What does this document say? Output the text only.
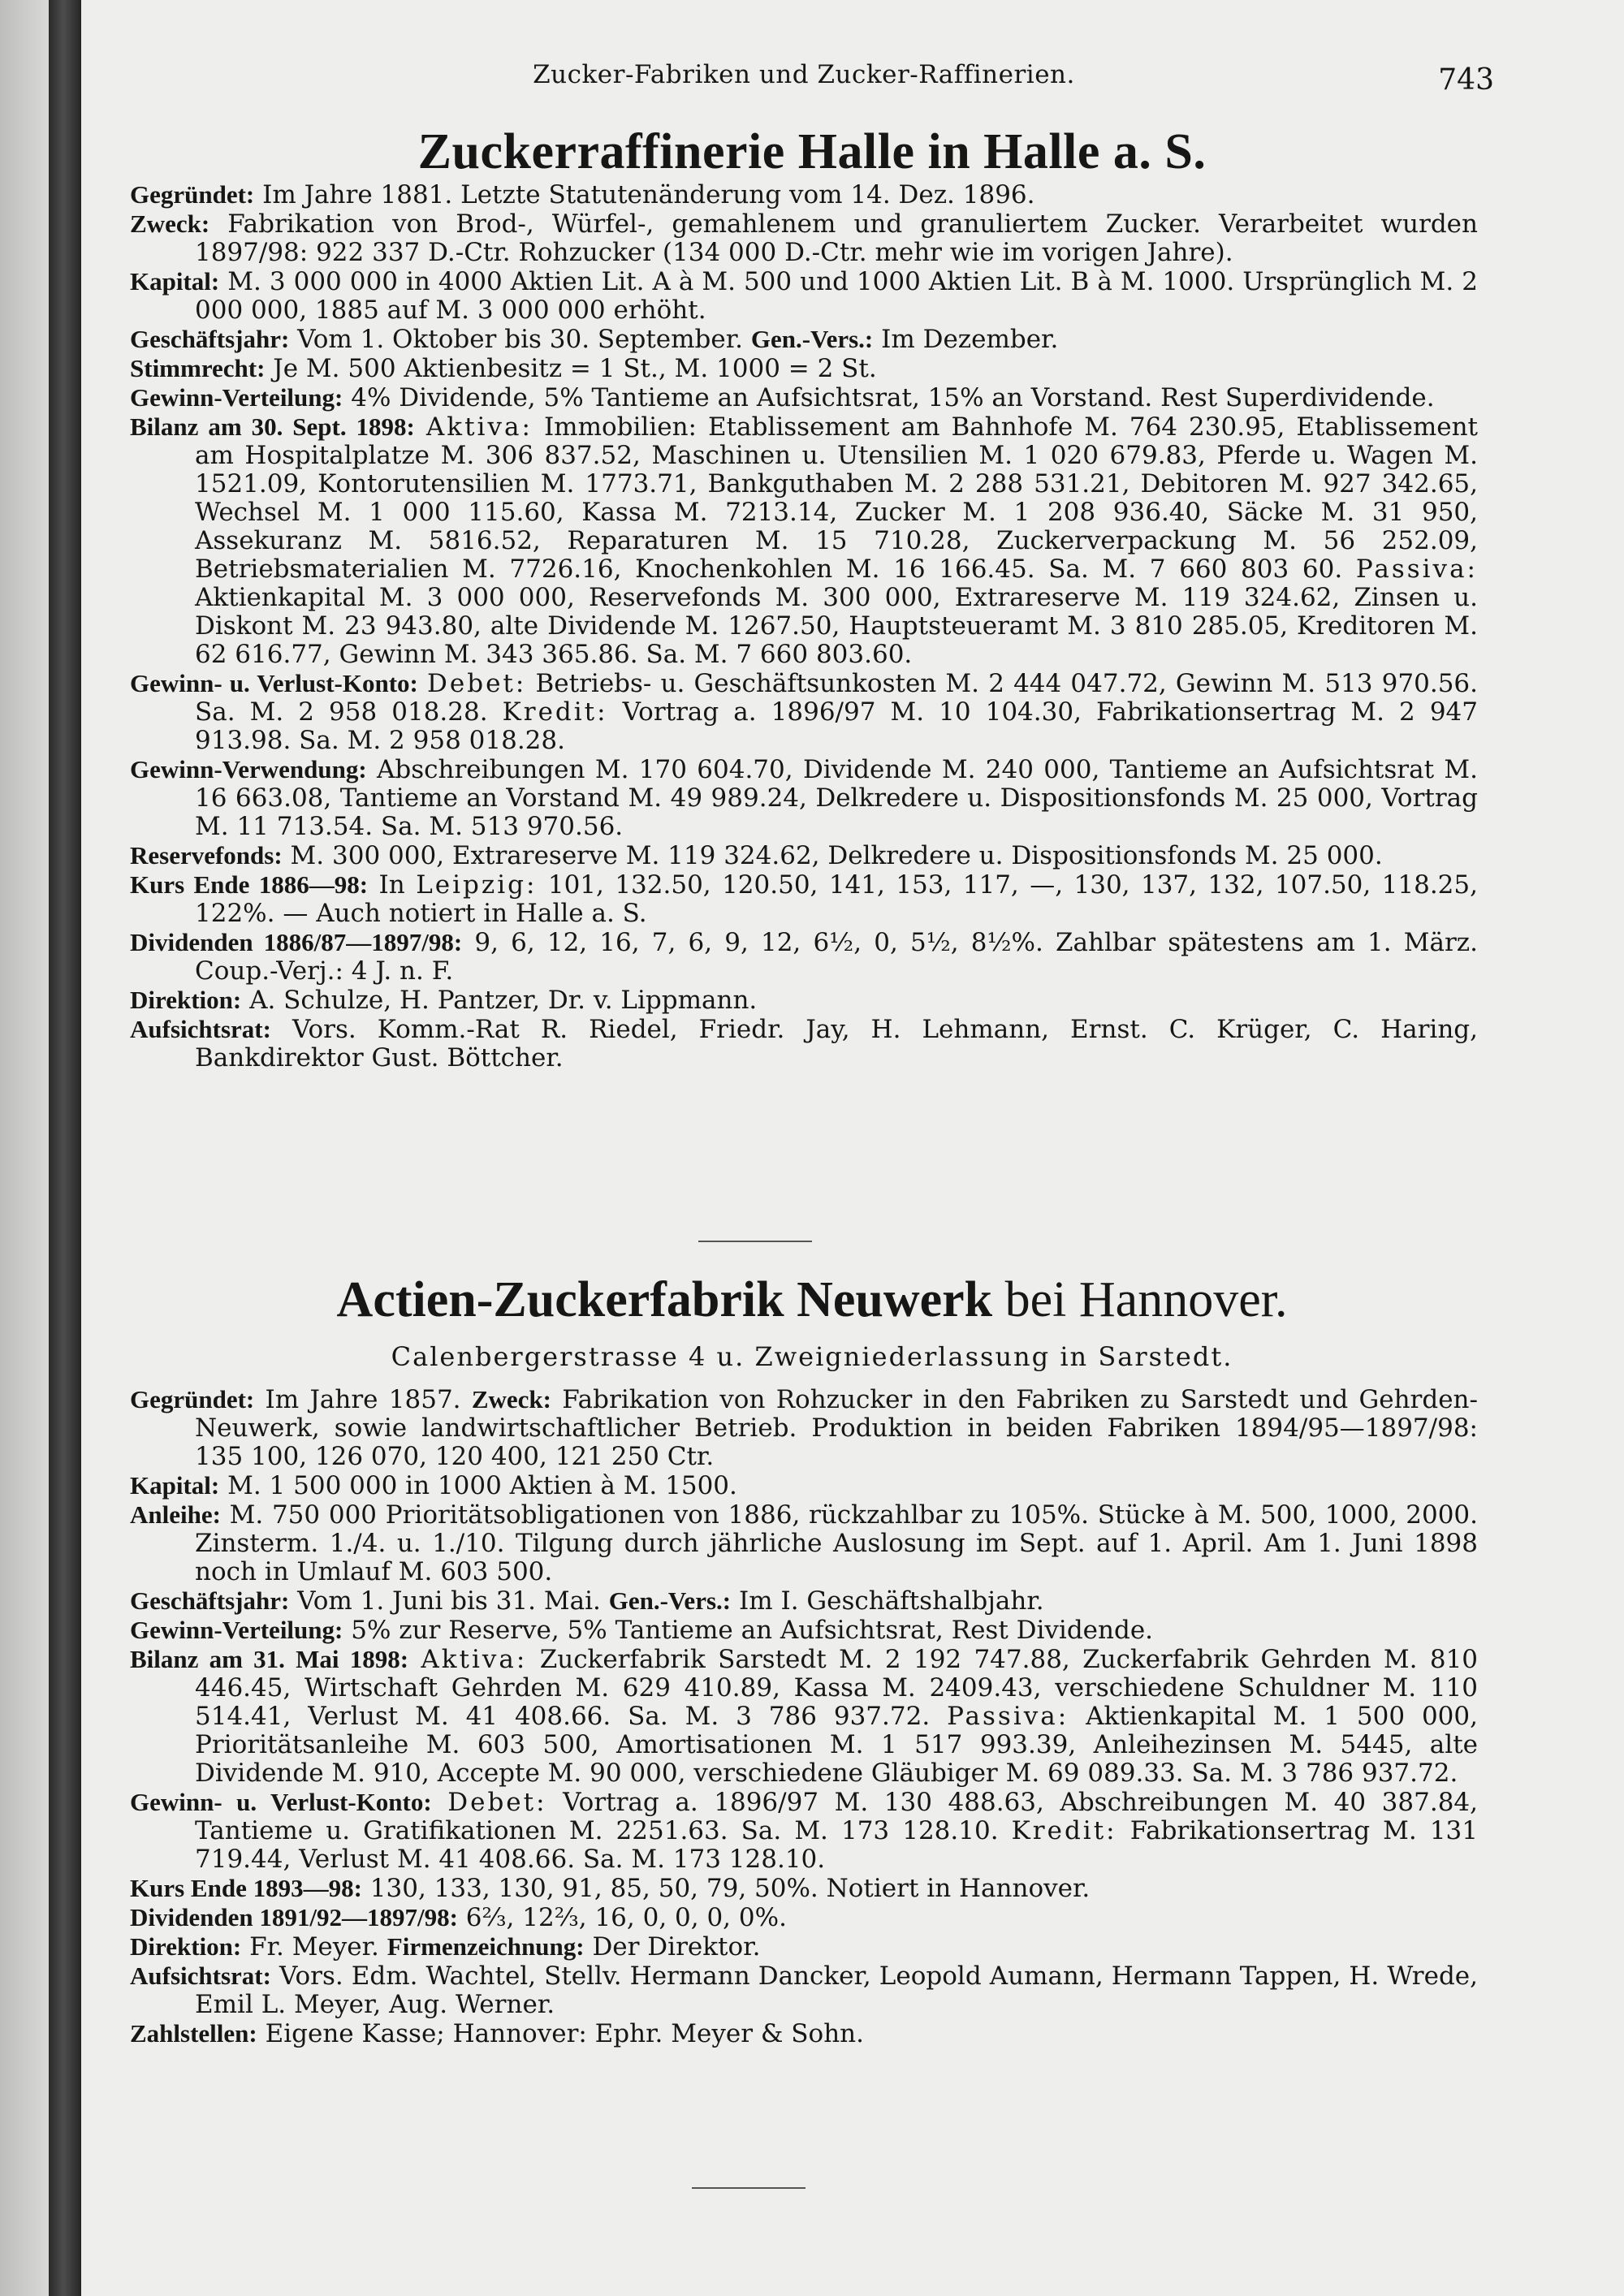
Zucker-Fabriken und Zucker-Raffinerien.	743
Zuckerraffinerie Halle in Halle a. S.

Gegründet: Im Jahre 1881. Letzte Statutenänderung vom 14. Dez. 1896.

Zweck: Fabrikation von Brod-, Würfel-, gemahlenem und granuliertem Zucker. Verarbeitet wurden 1897/98: 922 337 D.-Ctr. Rohzucker (134 000 D.-Ctr. mehr wie im vorigen Jahre).

Kapital: M. 3 000 000 in 4000 Aktien Lit. A à M. 500 und 1000 Aktien Lit. B à M. 1000. Ursprünglich M. 2 000 000, 1885 auf M. 3 000 000 erhöht.

Geschäftsjahr: Vom 1. Oktober bis 30. September. Gen.-Vers.: Im Dezember.

Stimmrecht: Je M. 500 Aktienbesitz = 1 St., M. 1000 = 2 St.

Gewinn-Verteilung: 4% Dividende, 5% Tantieme an Aufsichtsrat, 15% an Vorstand. Rest Superdividende.

Bilanz am 30. Sept. 1898: Aktiva: Immobilien: Etablissement am Bahnhofe M. 764 230.95, Etablissement am Hospitalplatze M. 306 837.52, Maschinen u. Utensilien M. 1 020 679.83, Pferde u. Wagen M. 1521.09, Kontorutensilien M. 1773.71, Bankguthaben M. 2 288 531.21, Debitoren M. 927 342.65, Wechsel M. 1 000 115.60, Kassa M. 7213.14, Zucker M. 1 208 936.40, Säcke M. 31 950, Assekuranz M. 5816.52, Reparaturen M. 15 710.28, Zuckerverpackung M. 56 252.09, Betriebsmaterialien M. 7726.16, Knochenkohlen M. 16 166.45. Sa. M. 7 660 803 60. Passiva: Aktienkapital M. 3 000 000, Reservefonds M. 300 000, Extrareserve M. 119 324.62, Zinsen u. Diskont M. 23 943.80, alte Dividende M. 1267.50, Hauptsteueramt M. 3 810 285.05, Kreditoren M. 62 616.77, Gewinn M. 343 365.86. Sa. M. 7 660 803.60.

Gewinn- u. Verlust-Konto: Debet: Betriebs- u. Geschäftsunkosten M. 2 444 047.72, Gewinn M. 513 970.56. Sa. M. 2 958 018.28. Kredit: Vortrag a. 1896/97 M. 10 104.30, Fabrikationsertrag M. 2 947 913.98. Sa. M. 2 958 018.28.

Gewinn-Verwendung: Abschreibungen M. 170 604.70, Dividende M. 240 000, Tantieme an Aufsichtsrat M. 16 663.08, Tantieme an Vorstand M. 49 989.24, Delkredere u. Dispositionsfonds M. 25 000, Vortrag M. 11 713.54. Sa. M. 513 970.56.

Reservefonds: M. 300 000, Extrareserve M. 119 324.62, Delkredere u. Dispositionsfonds M. 25 000.

Kurs Ende 1886—98: In Leipzig: 101, 132.50, 120.50, 141, 153, 117, —, 130, 137, 132, 107.50, 118.25, 122%. — Auch notiert in Halle a. S.

Dividenden 1886/87—1897/98: 9, 6, 12, 16, 7, 6, 9, 12, 6½, 0, 5½, 8½%. Zahlbar spätestens am 1. März. Coup.-Verj.: 4 J. n. F.

Direktion: A. Schulze, H. Pantzer, Dr. v. Lippmann.

Aufsichtsrat: Vors. Komm.-Rat R. Riedel, Friedr. Jay, H. Lehmann, Ernst. C. Krüger, C. Haring, Bankdirektor Gust. Böttcher.

Actien-Zuckerfabrik Neuwerk bei Hannover.
Calenbergerstrasse 4 u. Zweigniederlassung in Sarstedt.

Gegründet: Im Jahre 1857. Zweck: Fabrikation von Rohzucker in den Fabriken zu Sarstedt und Gehrden-Neuwerk, sowie landwirtschaftlicher Betrieb. Produktion in beiden Fabriken 1894/95—1897/98: 135 100, 126 070, 120 400, 121 250 Ctr.

Kapital: M. 1 500 000 in 1000 Aktien à M. 1500.

Anleihe: M. 750 000 Prioritätsobligationen von 1886, rückzahlbar zu 105%. Stücke à M. 500, 1000, 2000. Zinsterm. 1./4. u. 1./10. Tilgung durch jährliche Auslosung im Sept. auf 1. April. Am 1. Juni 1898 noch in Umlauf M. 603 500.

Geschäftsjahr: Vom 1. Juni bis 31. Mai. Gen.-Vers.: Im I. Geschäftshalbjahr.

Gewinn-Verteilung: 5% zur Reserve, 5% Tantieme an Aufsichtsrat, Rest Dividende.

Bilanz am 31. Mai 1898: Aktiva: Zuckerfabrik Sarstedt M. 2 192 747.88, Zuckerfabrik Gehrden M. 810 446.45, Wirtschaft Gehrden M. 629 410.89, Kassa M. 2409.43, verschiedene Schuldner M. 110 514.41, Verlust M. 41 408.66. Sa. M. 3 786 937.72. Passiva: Aktienkapital M. 1 500 000, Prioritätsanleihe M. 603 500, Amortisationen M. 1 517 993.39, Anleihezinsen M. 5445, alte Dividende M. 910, Accepte M. 90 000, verschiedene Gläubiger M. 69 089.33. Sa. M. 3 786 937.72.

Gewinn- u. Verlust-Konto: Debet: Vortrag a. 1896/97 M. 130 488.63, Abschreibungen M. 40 387.84, Tantieme u. Gratifikationen M. 2251.63. Sa. M. 173 128.10. Kredit: Fabrikationsertrag M. 131 719.44, Verlust M. 41 408.66. Sa. M. 173 128.10.

Kurs Ende 1893—98: 130, 133, 130, 91, 85, 50, 79, 50%. Notiert in Hannover.

Dividenden 1891/92—1897/98: 6⅔, 12⅔, 16, 0, 0, 0, 0%.

Direktion: Fr. Meyer. Firmenzeichnung: Der Direktor.

Aufsichtsrat: Vors. Edm. Wachtel, Stellv. Hermann Dancker, Leopold Aumann, Hermann Tappen, H. Wrede, Emil L. Meyer, Aug. Werner.

Zahlstellen: Eigene Kasse; Hannover: Ephr. Meyer & Sohn.
